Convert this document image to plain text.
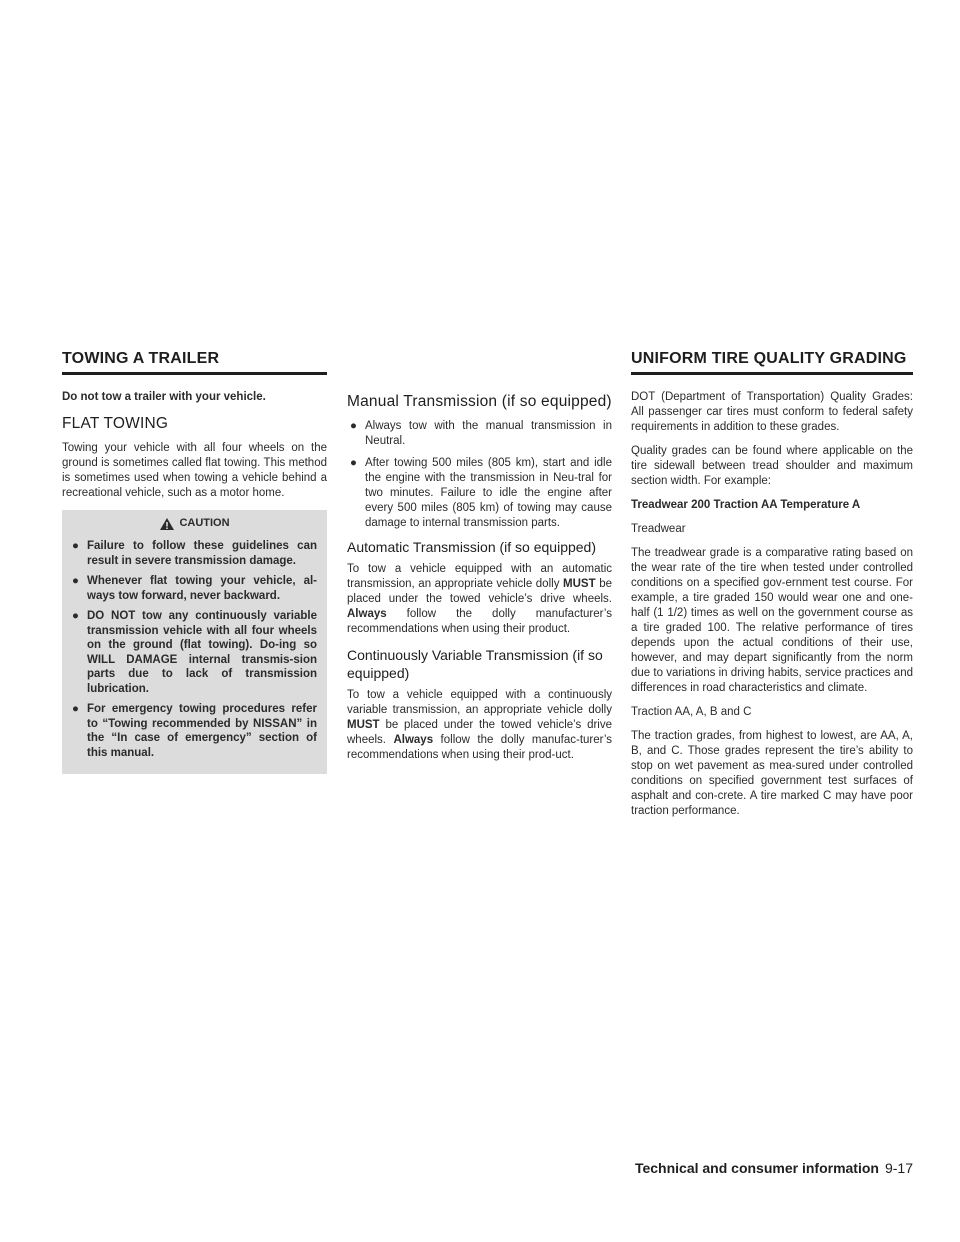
TOWING A TRAILER	UNIFORM TIRE QUALITY GRADING

Do not tow a trailer with your vehicle.

FLAT TOWING

Towing your vehicle with all four wheels on the ground is sometimes called flat towing. This method is sometimes used when towing a vehicle behind a recreational vehicle, such as a motor home.

CAUTION
● Failure to follow these guidelines can result in severe transmission damage.
● Whenever flat towing your vehicle, al-ways tow forward, never backward.
● DO NOT tow any continuously variable transmission vehicle with all four wheels on the ground (flat towing). Do-ing so WILL DAMAGE internal transmis-sion parts due to lack of transmission lubrication.
● For emergency towing procedures refer to “Towing recommended by NISSAN” in the “In case of emergency” section of this manual.
Manual Transmission (if so equipped)
● Always tow with the manual transmission in Neutral.
● After towing 500 miles (805 km), start and idle the engine with the transmission in Neu-tral for two minutes. Failure to idle the engine after every 500 miles (805 km) of towing may cause damage to internal transmission parts.
Automatic Transmission (if so equipped)

To tow a vehicle equipped with an automatic transmission, an appropriate vehicle dolly MUST be placed under the towed vehicle’s drive wheels. Always follow the dolly manufacturer’s recommendations when using their product.

Continuously Variable Transmission (if so equipped)

To tow a vehicle equipped with a continuously variable transmission, an appropriate vehicle dolly MUST be placed under the towed vehicle’s drive wheels. Always follow the dolly manufac-turer’s recommendations when using their prod-uct.

DOT (Department of Transportation) Quality Grades: All passenger car tires must conform to federal safety requirements in addition to these grades.

Quality grades can be found where applicable on the tire sidewall between tread shoulder and maximum section width. For example:

Treadwear 200 Traction AA Temperature A

Treadwear

The treadwear grade is a comparative rating based on the wear rate of the tire when tested under controlled conditions on a specified gov-ernment test course. For example, a tire graded 150 would wear one and one-half (1 1/2) times as well on the government course as a tire graded 100. The relative performance of tires depends upon the actual conditions of their use, however, and may depart significantly from the norm due to variations in driving habits, service practices and differences in road characteristics and climate.

Traction AA, A, B and C

The traction grades, from highest to lowest, are AA, A, B, and C. Those grades represent the tire’s ability to stop on wet pavement as mea-sured under controlled conditions on specified government test surfaces of asphalt and con-crete. A tire marked C may have poor traction performance.

Technical and consumer information 9-17
